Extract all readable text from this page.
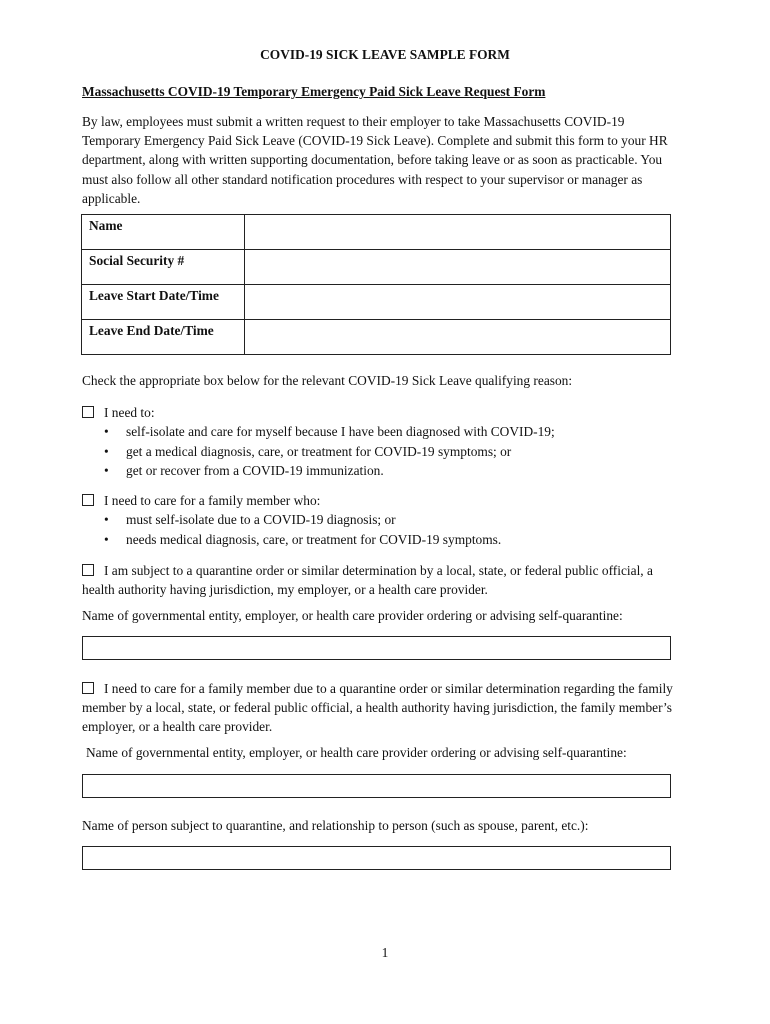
COVID-19 SICK LEAVE SAMPLE FORM
Massachusetts COVID-19 Temporary Emergency Paid Sick Leave Request Form
By law, employees must submit a written request to their employer to take Massachusetts COVID-19 Temporary Emergency Paid Sick Leave (COVID-19 Sick Leave). Complete and submit this form to your HR department, along with written supporting documentation, before taking leave or as soon as practicable. You must also follow all other standard notification procedures with respect to your supervisor or manager as applicable.
Name	
Social Security #	
Leave Start Date/Time	
Leave End Date/Time	
Check the appropriate box below for the relevant COVID-19 Sick Leave qualifying reason:
I need to:
• self-isolate and care for myself because I have been diagnosed with COVID-19;
• get a medical diagnosis, care, or treatment for COVID-19 symptoms; or
• get or recover from a COVID-19 immunization.
I need to care for a family member who:
• must self-isolate due to a COVID-19 diagnosis; or
• needs medical diagnosis, care, or treatment for COVID-19 symptoms.
I am subject to a quarantine order or similar determination by a local, state, or federal public official, a health authority having jurisdiction, my employer, or a health care provider.
Name of governmental entity, employer, or health care provider ordering or advising self-quarantine:
I need to care for a family member due to a quarantine order or similar determination regarding the family member by a local, state, or federal public official, a health authority having jurisdiction, the family member’s employer, or a health care provider.
Name of governmental entity, employer, or health care provider ordering or advising self-quarantine:
Name of person subject to quarantine, and relationship to person (such as spouse, parent, etc.):
1
